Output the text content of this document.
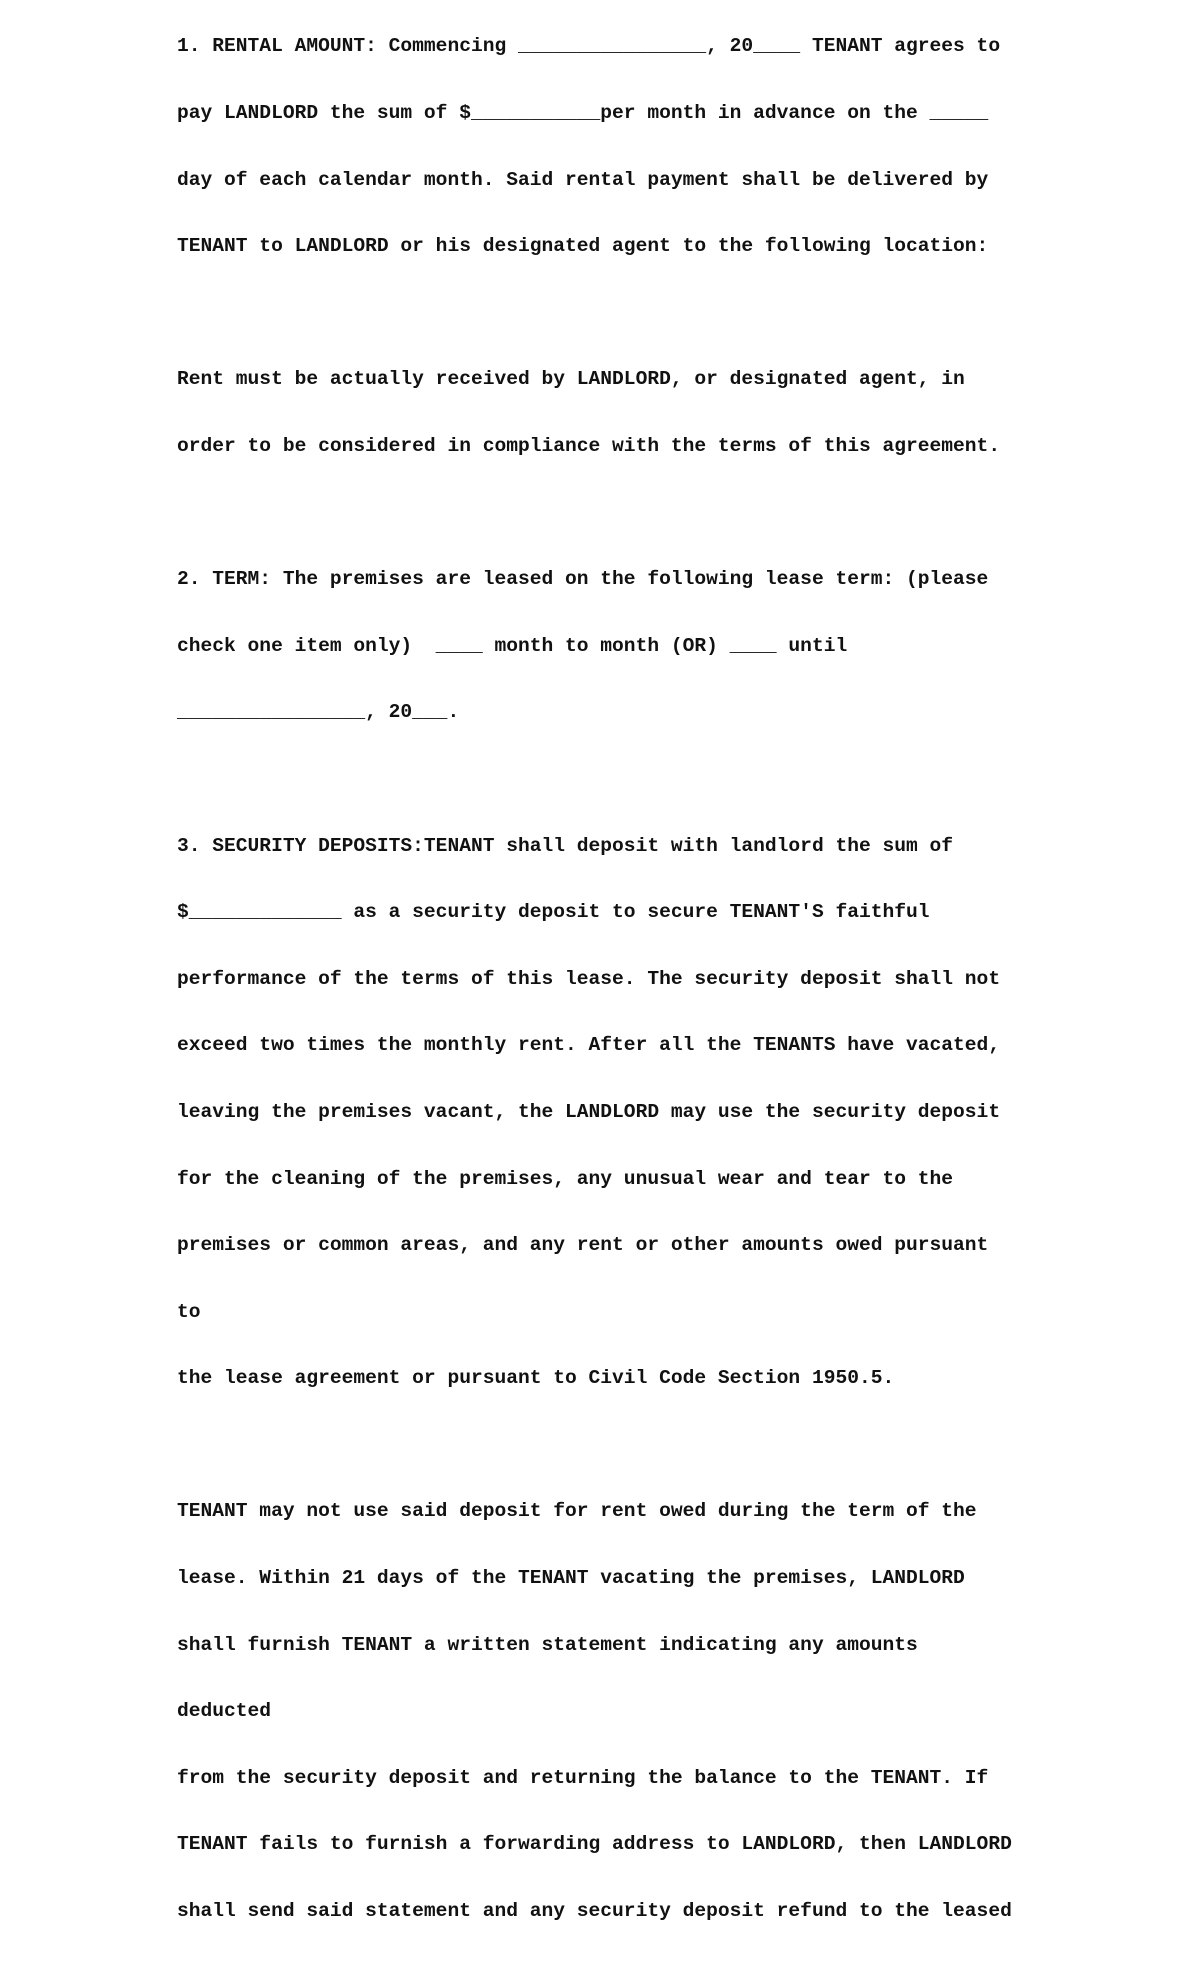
1. RENTAL AMOUNT: Commencing ________________, 20____ TENANT agrees to

pay LANDLORD the sum of $___________per month in advance on the _____

day of each calendar month. Said rental payment shall be delivered by

TENANT to LANDLORD or his designated agent to the following location:

Rent must be actually received by LANDLORD, or designated agent, in

order to be considered in compliance with the terms of this agreement.

2. TERM: The premises are leased on the following lease term: (please

check one item only)  ____ month to month (OR) ____ until

________________, 20___.

3. SECURITY DEPOSITS:TENANT shall deposit with landlord the sum of

$_____________ as a security deposit to secure TENANT'S faithful

performance of the terms of this lease. The security deposit shall not

exceed two times the monthly rent. After all the TENANTS have vacated,

leaving the premises vacant, the LANDLORD may use the security deposit

for the cleaning of the premises, any unusual wear and tear to the

premises or common areas, and any rent or other amounts owed pursuant

to

the lease agreement or pursuant to Civil Code Section 1950.5.

TENANT may not use said deposit for rent owed during the term of the

lease. Within 21 days of the TENANT vacating the premises, LANDLORD

shall furnish TENANT a written statement indicating any amounts

deducted

from the security deposit and returning the balance to the TENANT. If

TENANT fails to furnish a forwarding address to LANDLORD, then LANDLORD

shall send said statement and any security deposit refund to the leased
